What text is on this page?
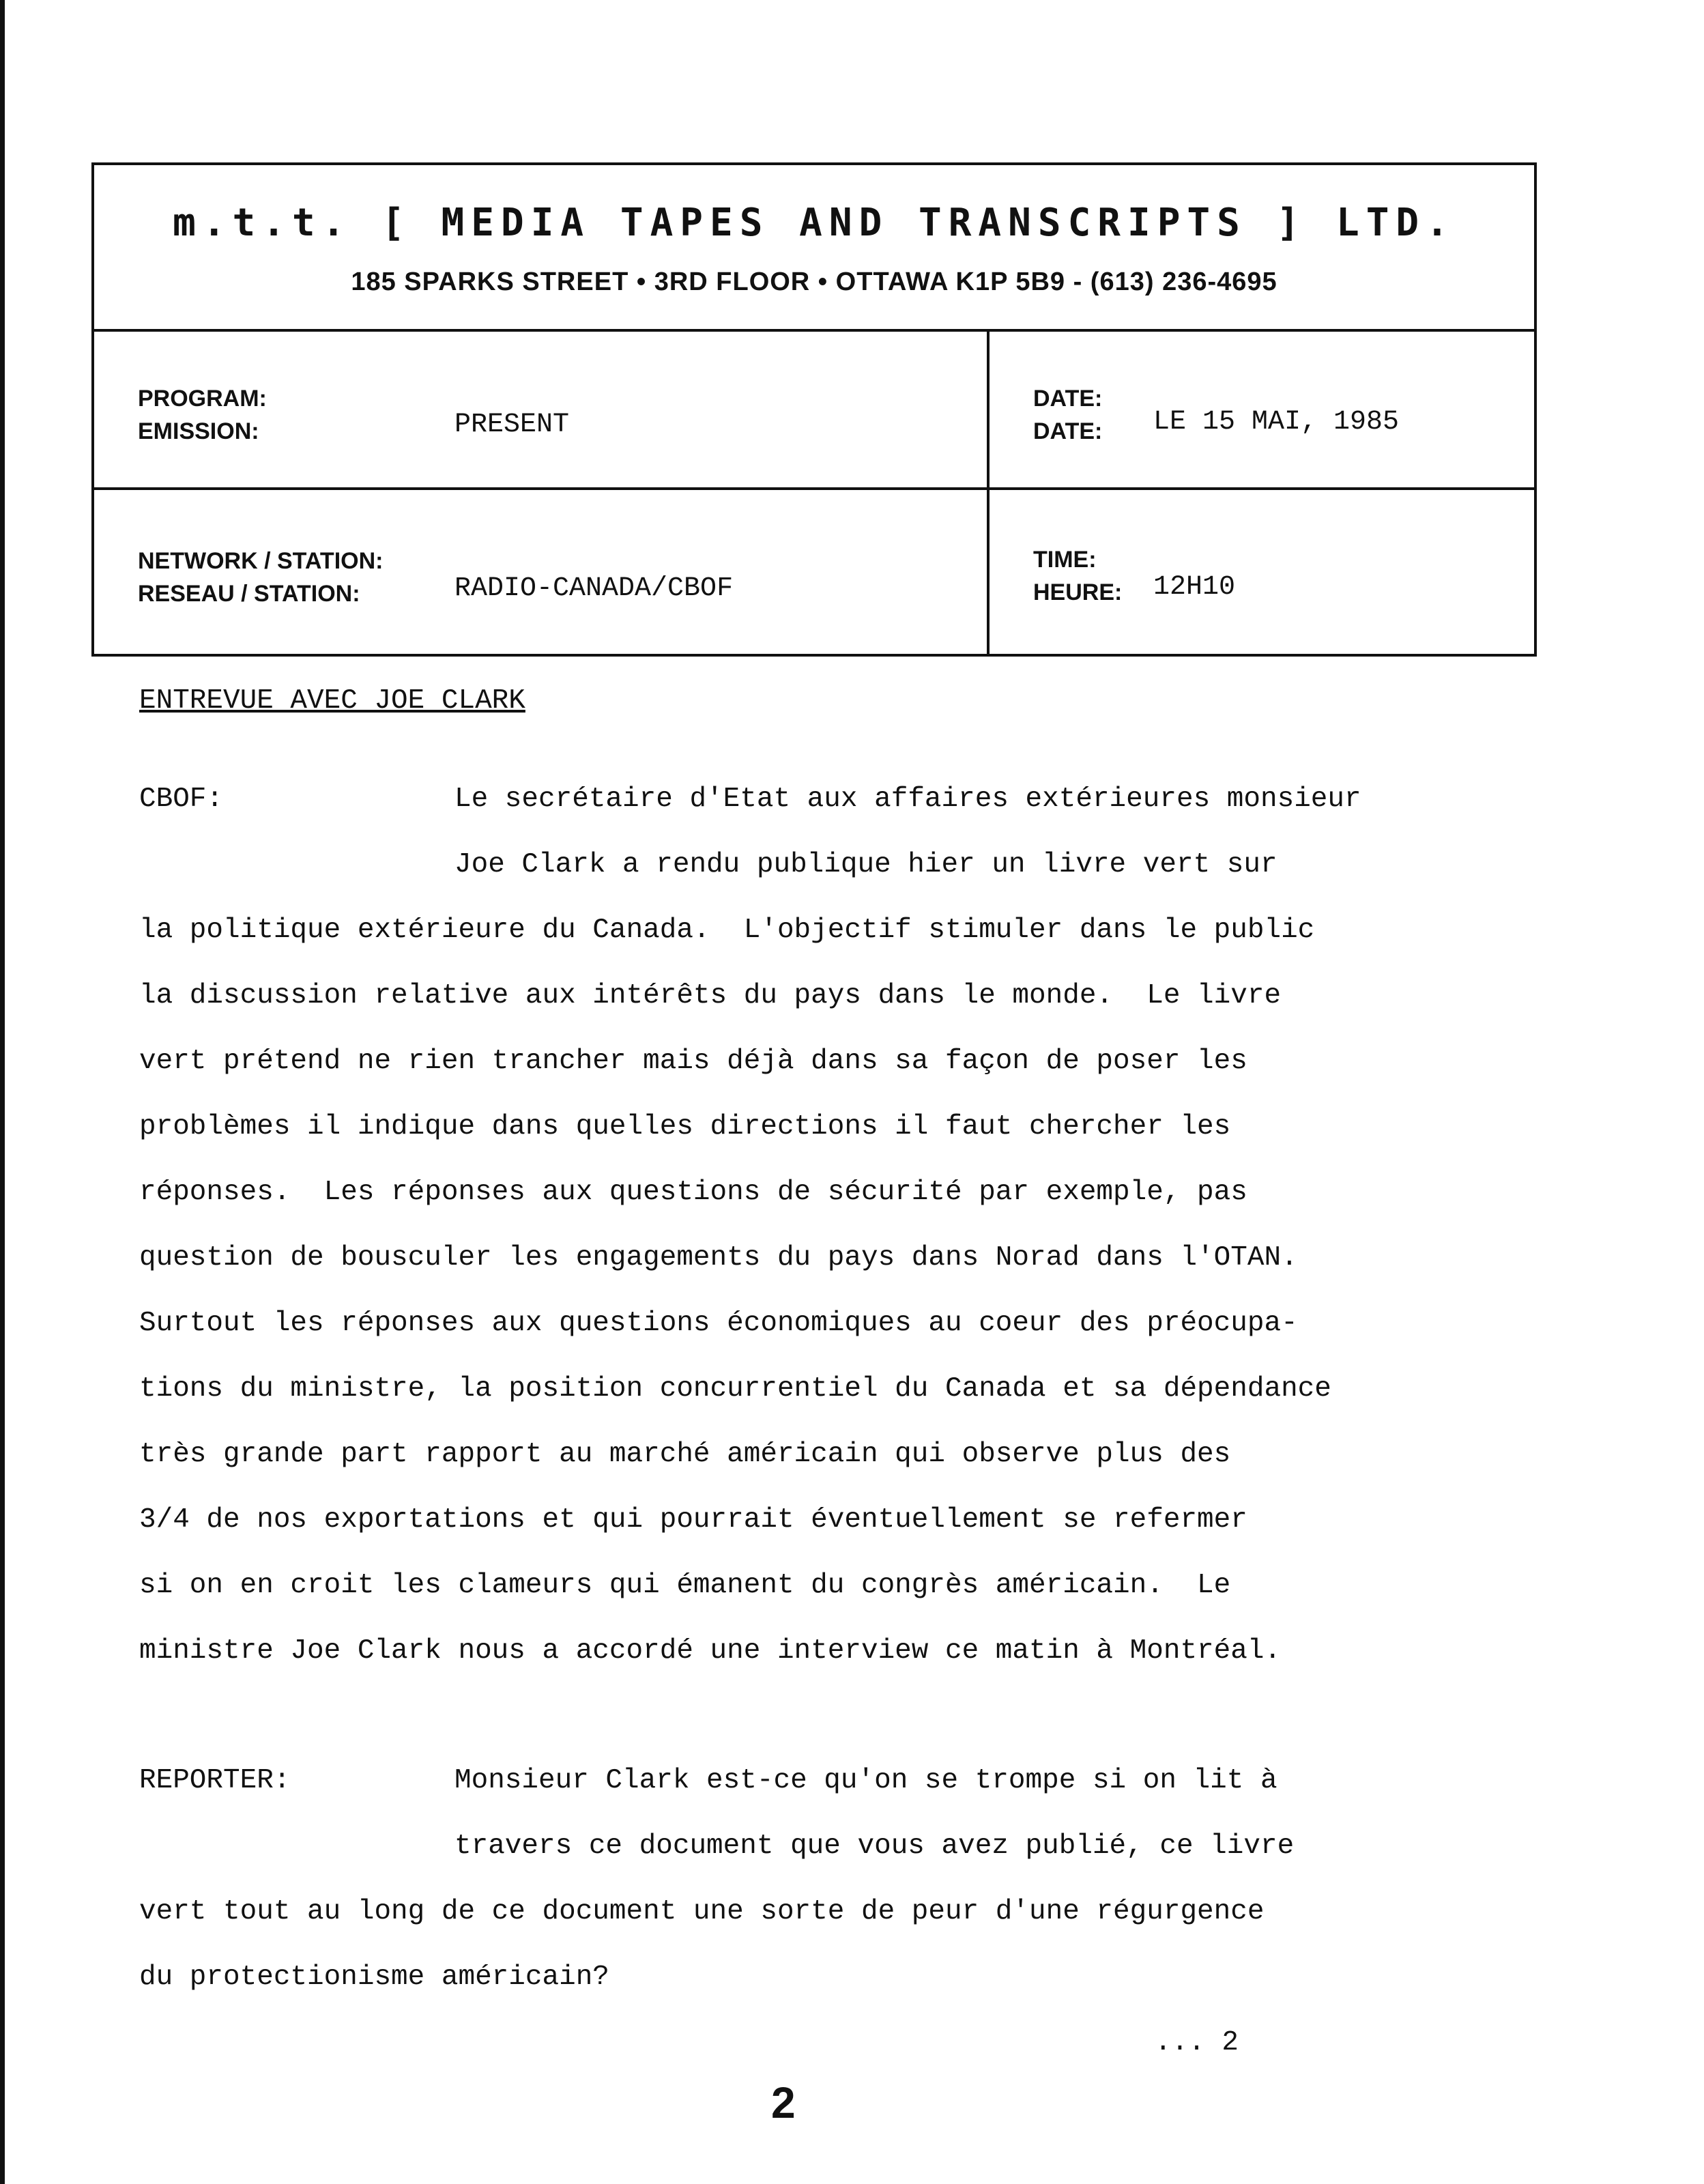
m.t.t. [ MEDIA TAPES AND TRANSCRIPTS ] LTD.
185 SPARKS STREET • 3RD FLOOR • OTTAWA K1P 5B9 - (613) 236-4695
PROGRAM:
EMISSION:	PRESENT
DATE:
DATE: LE 15 MAI, 1985
NETWORK / STATION:
RESEAU / STATION:	RADIO-CANADA/CBOF
TIME:
HEURE: 12H10
ENTREVUE AVEC JOE CLARK
CBOF:	Le secrétaire d'Etat aux affaires extérieures monsieur
Joe Clark a rendu publique hier un livre vert sur
la politique extérieure du Canada.  L'objectif stimuler dans le public
la discussion relative aux intérêts du pays dans le monde.  Le livre
vert prétend ne rien trancher mais déjà dans sa façon de poser les
problèmes il indique dans quelles directions il faut chercher les
réponses.  Les réponses aux questions de sécurité par exemple, pas
question de bousculer les engagements du pays dans Norad dans l'OTAN.
Surtout les réponses aux questions économiques au coeur des préocupa-
tions du ministre, la position concurrentiel du Canada et sa dépendance
très grande part rapport au marché américain qui observe plus des
3/4 de nos exportations et qui pourrait éventuellement se refermer
si on en croit les clameurs qui émanent du congrès américain.  Le
ministre Joe Clark nous a accordé une interview ce matin à Montréal.
REPORTER:	Monsieur Clark est-ce qu'on se trompe si on lit à
travers ce document que vous avez publié, ce livre
vert tout au long de ce document une sorte de peur d'une régurgence
du protectionisme américain?
... 2
2
